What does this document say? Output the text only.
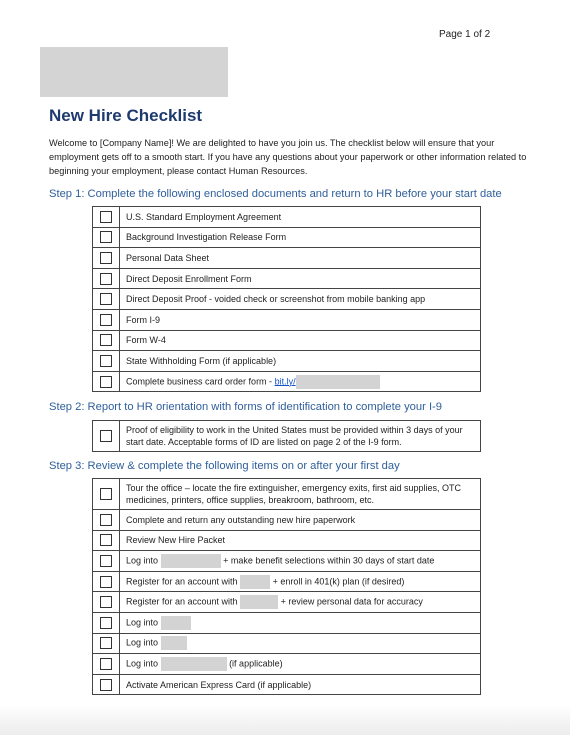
Page 1 of 2
New Hire Checklist
Welcome to [Company Name]! We are delighted to have you join us. The checklist below will ensure that your employment gets off to a smooth start. If you have any questions about your paperwork or other information related to beginning your employment, please contact Human Resources.
Step 1: Complete the following enclosed documents and return to HR before your start date
	U.S. Standard Employment Agreement
	Background Investigation Release Form
	Personal Data Sheet
	Direct Deposit Enrollment Form
	Direct Deposit Proof - voided check or screenshot from mobile banking app
	Form I-9
	Form W-4
	State Withholding Form (if applicable)
	Complete business card order form - bit.ly/
Step 2: Report to HR orientation with forms of identification to complete your I-9
	Proof of eligibility to work in the United States must be provided within 3 days of your start date. Acceptable forms of ID are listed on page 2 of the I-9 form.
Step 3: Review & complete the following items on or after your first day
	Tour the office – locate the fire extinguisher, emergency exits, first aid supplies, OTC medicines, printers, office supplies, breakroom, bathroom, etc.
	Complete and return any outstanding new hire paperwork
	Review New Hire Packet
	Log into + make benefit selections within 30 days of start date
	Register for an account with + enroll in 401(k) plan (if desired)
	Register for an account with + review personal data for accuracy
	Log into
	Log into
	Log into (if applicable)
	Activate American Express Card (if applicable)
